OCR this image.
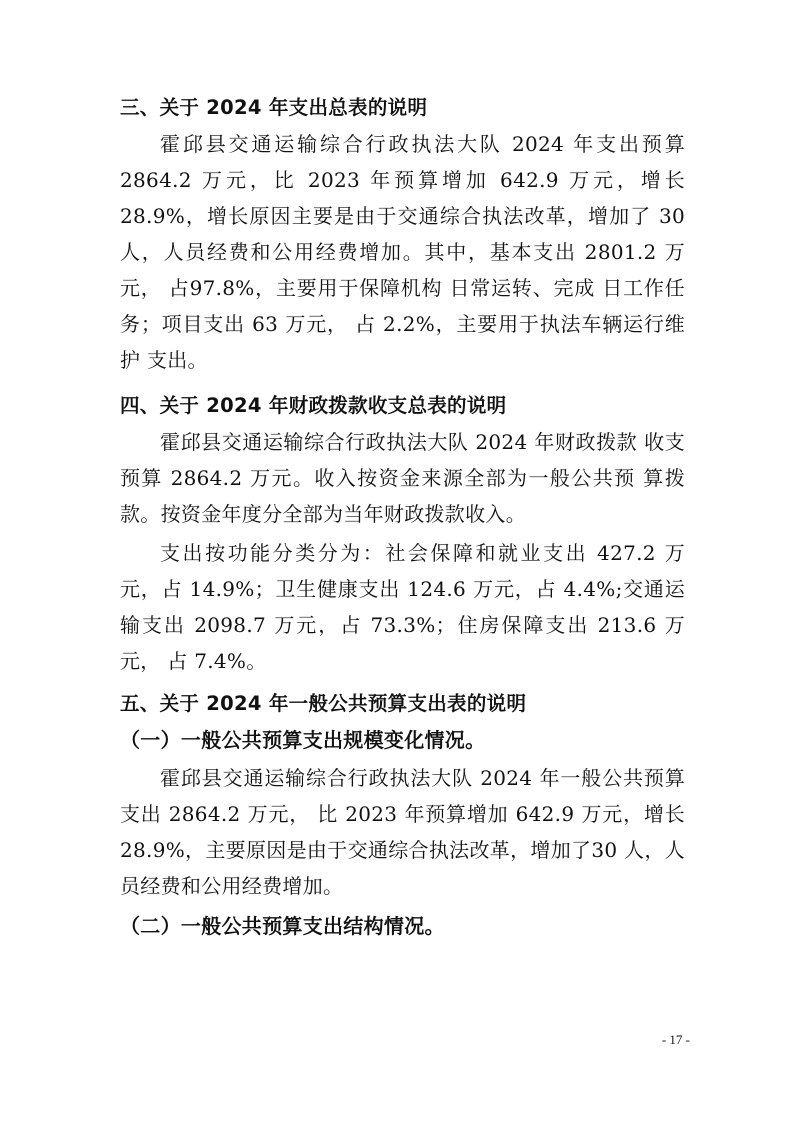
三、关于 2024 年支出总表的说明

霍邱县交通运输综合行政执法大队 2024 年支出预算2864.2 万元，比 2023 年预算增加 642.9 万元，增长 28.9%，增长原因主要是由于交通综合执法改革，增加了 30 人，人员经费和公用经费增加。其中，基本支出 2801.2 万元， 占97.8%，主要用于保障机构 日常运转、完成 日工作任务；项目支出 63 万元， 占 2.2%，主要用于执法车辆运行维护 支出。

四、关于 2024 年财政拨款收支总表的说明

霍邱县交通运输综合行政执法大队 2024 年财政拨款 收支预算 2864.2 万元。收入按资金来源全部为一般公共预 算拨款。按资金年度分全部为当年财政拨款收入。

支出按功能分类分为：社会保障和就业支出 427.2 万 元，占 14.9%；卫生健康支出 124.6 万元，占 4.4%;交通运 输支出 2098.7 万元，占 73.3%；住房保障支出 213.6 万元， 占 7.4%。

五、关于 2024 年一般公共预算支出表的说明
（一）一般公共预算支出规模变化情况。

霍邱县交通运输综合行政执法大队 2024 年一般公共预算支出 2864.2 万元， 比 2023 年预算增加 642.9 万元，增长 28.9%，主要原因是由于交通综合执法改革，增加了30 人，人员经费和公用经费增加。

（二）一般公共预算支出结构情况。
- 17 -
